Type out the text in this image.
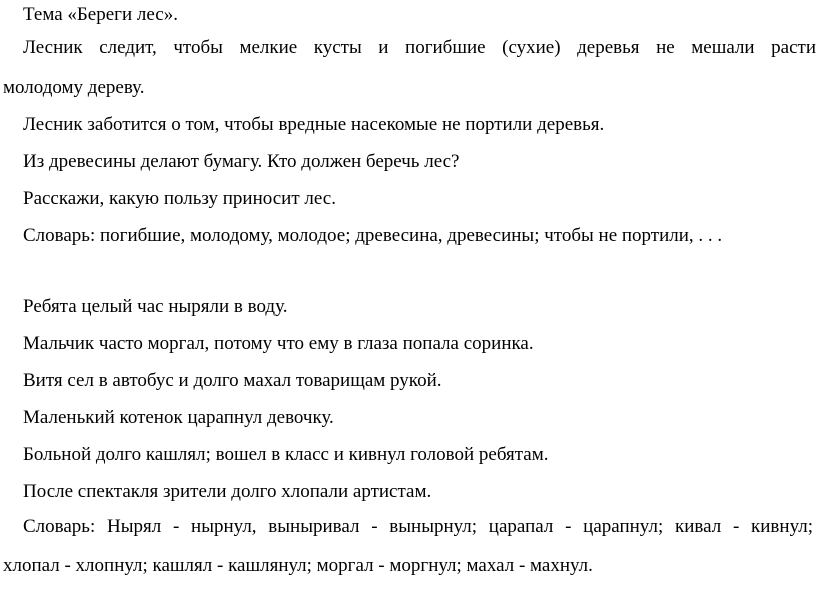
Тема «Береги лес».
Лесник следит, чтобы мелкие кусты и погибшие (сухие) деревья не мешали расти
молодому дереву.
Лесник заботится о том, чтобы вредные насекомые не портили деревья.
Из древесины делают бумагу. Кто должен беречь лес?
Расскажи, какую пользу приносит лес.
Словарь: погибшие, молодому, молодое; древесина, древесины; чтобы не портили, . . .
Ребята целый час ныряли в воду.
Мальчик часто моргал, потому что ему в глаза попала соринка.
Витя сел в автобус и долго махал товарищам рукой.
Маленький котенок царапнул девочку.
Больной долго кашлял; вошел в класс и кивнул головой ребятам.
После спектакля зрители долго хлопали артистам.
Словарь: Нырял - нырнул, выныривал - вынырнул; царапал - царапнул; кивал - кивнул;
хлопал - хлопнул; кашлял - кашлянул; моргал - моргнул; махал - махнул.
